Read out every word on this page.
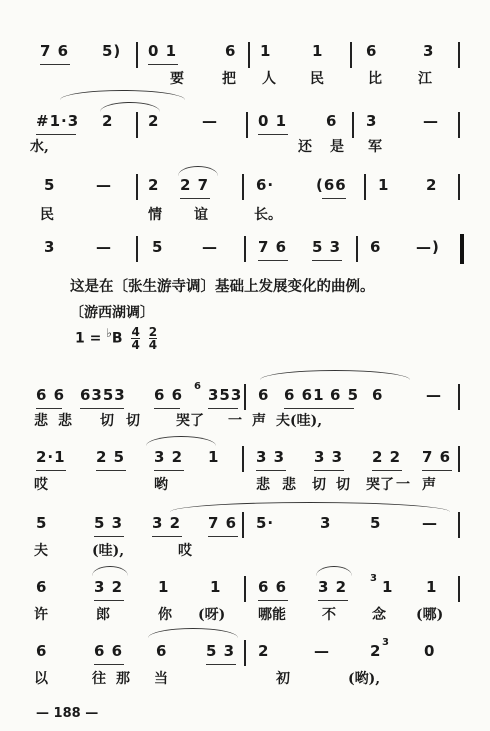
7 6 5) 0 1	6 1	1	6	3
要	把 人 民	比	江
#1·3 2 2	—	0 1	6 3	—
水,	还 是 军
5	— 2 2 7	6·	(66 1 2
民	情 谊	长。
3	—	5	—	7 6 5 3 6 —)
这是在〔张生游寺调〕基础上发展变化的曲例。
〔游西湖调〕
1 = ♭B $\frac{4}{4}$
$\frac{2}{4}$
6 6 6353 6 6 6 353 6 6 61 6 5 6	—
悲 悲 切 切	哭了 一 声 夫(哇),
2·1 2 5 3 2 1 3 3 3 3 2 2 7 6
哎	哟	悲 悲 切 切 哭了 一 声
5	5 3 3 2 7 6 5·	3	5	—
夫	(哇),	哎
6	3 2 1	1 6 6 3 2 3 1 1
许	郎	你 (呀) 哪能	不	念 (哪)
6	6 6 6	5 3 2	—	2 3 0
以	往 那 当	初	(哟),
— 188 —
